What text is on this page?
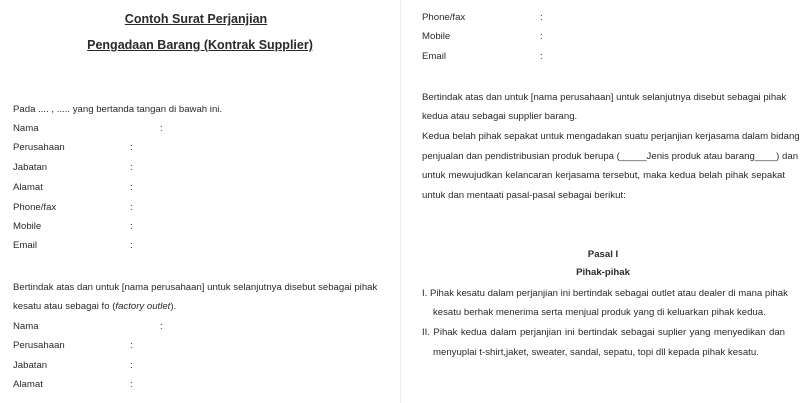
Contoh Surat Perjanjian
Pengadaan Barang (Kontrak Supplier)
Pada .... , ..... yang bertanda tangan di bawah ini.
Bertindak atas dan untuk [nama perusahaan] untuk selanjutnya disebut sebagai pihak
kesatu atau sebagai fo (factory outlet).
Bertindak atas dan untuk [nama perusahaan] untuk selanjutnya disebut sebagai pihak
kedua atau sebagai supplier barang.
Kedua belah pihak sepakat untuk mengadakan suatu perjanjian kerjasama dalam bidang
penjualan dan pendistribusian produk berupa (_____Jenis produk atau barang____) dan
untuk mewujudkan kelancaran kerjasama tersebut, maka kedua belah pihak sepakat
untuk dan mentaati pasal-pasal sebagai berikut:
Pasal I
Pihak-pihak
I. Pihak kesatu dalam perjanjian ini bertindak sebagai outlet atau dealer di mana pihak
kesatu berhak menerima serta menjual produk yang di keluarkan pihak kedua.
II. Pihak kedua dalam perjanjian ini bertindak sebagai suplier yang menyedikan dan
menyuplai t-shirt,jaket, sweater, sandal, sepatu, topi dll kepada pihak kesatu.
Nama	:
Perusahaan	:
Jabatan	:
Alamat	:
Phone/fax	:
Mobile	:
Email	:
Nama	:
Perusahaan	:
Jabatan	:
Alamat	:
Phone/fax	:
Mobile	:
Email	:
